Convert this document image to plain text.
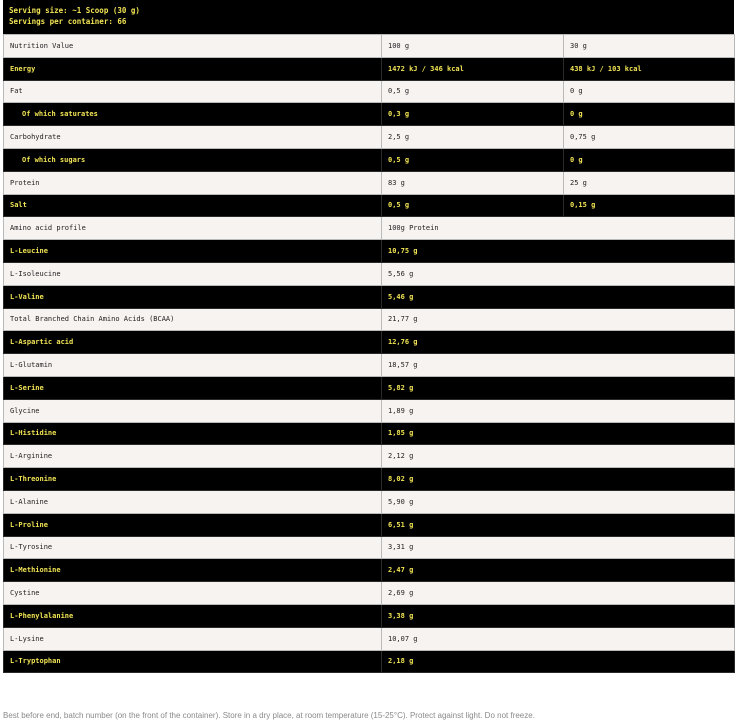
Serving size: ~1 Scoop (30 g)
Servings per container: 66
Nutrition Value	100 g	30 g
Energy	1472 kJ / 346 kcal	438 kJ / 103 kcal
Fat	0,5 g	0 g
Of which saturates	0,3 g	0 g
Carbohydrate	2,5 g	0,75 g
Of which sugars	0,5 g	0 g
Protein	83 g	25 g
Salt	0,5 g	0,15 g
Amino acid profile	100g Protein	
L-Leucine	10,75 g	
L-Isoleucine	5,56 g	
L-Valine	5,46 g	
Total Branched Chain Amino Acids (BCAA)	21,77 g	
L-Aspartic acid	12,76 g	
L-Glutamin	18,57 g	
L-Serine	5,82 g	
Glycine	1,89 g	
L-Histidine	1,85 g	
L-Arginine	2,12 g	
L-Threonine	8,02 g	
L-Alanine	5,90 g	
L-Proline	6,51 g	
L-Tyrosine	3,31 g	
L-Methionine	2,47 g	
Cystine	2,69 g	
L-Phenylalanine	3,38 g	
L-Lysine	10,07 g	
L-Tryptophan	2,18 g	
Best before end, batch number (on the front of the container). Store in a dry place, at room temperature (15-25°C). Protect against light. Do not freeze.
